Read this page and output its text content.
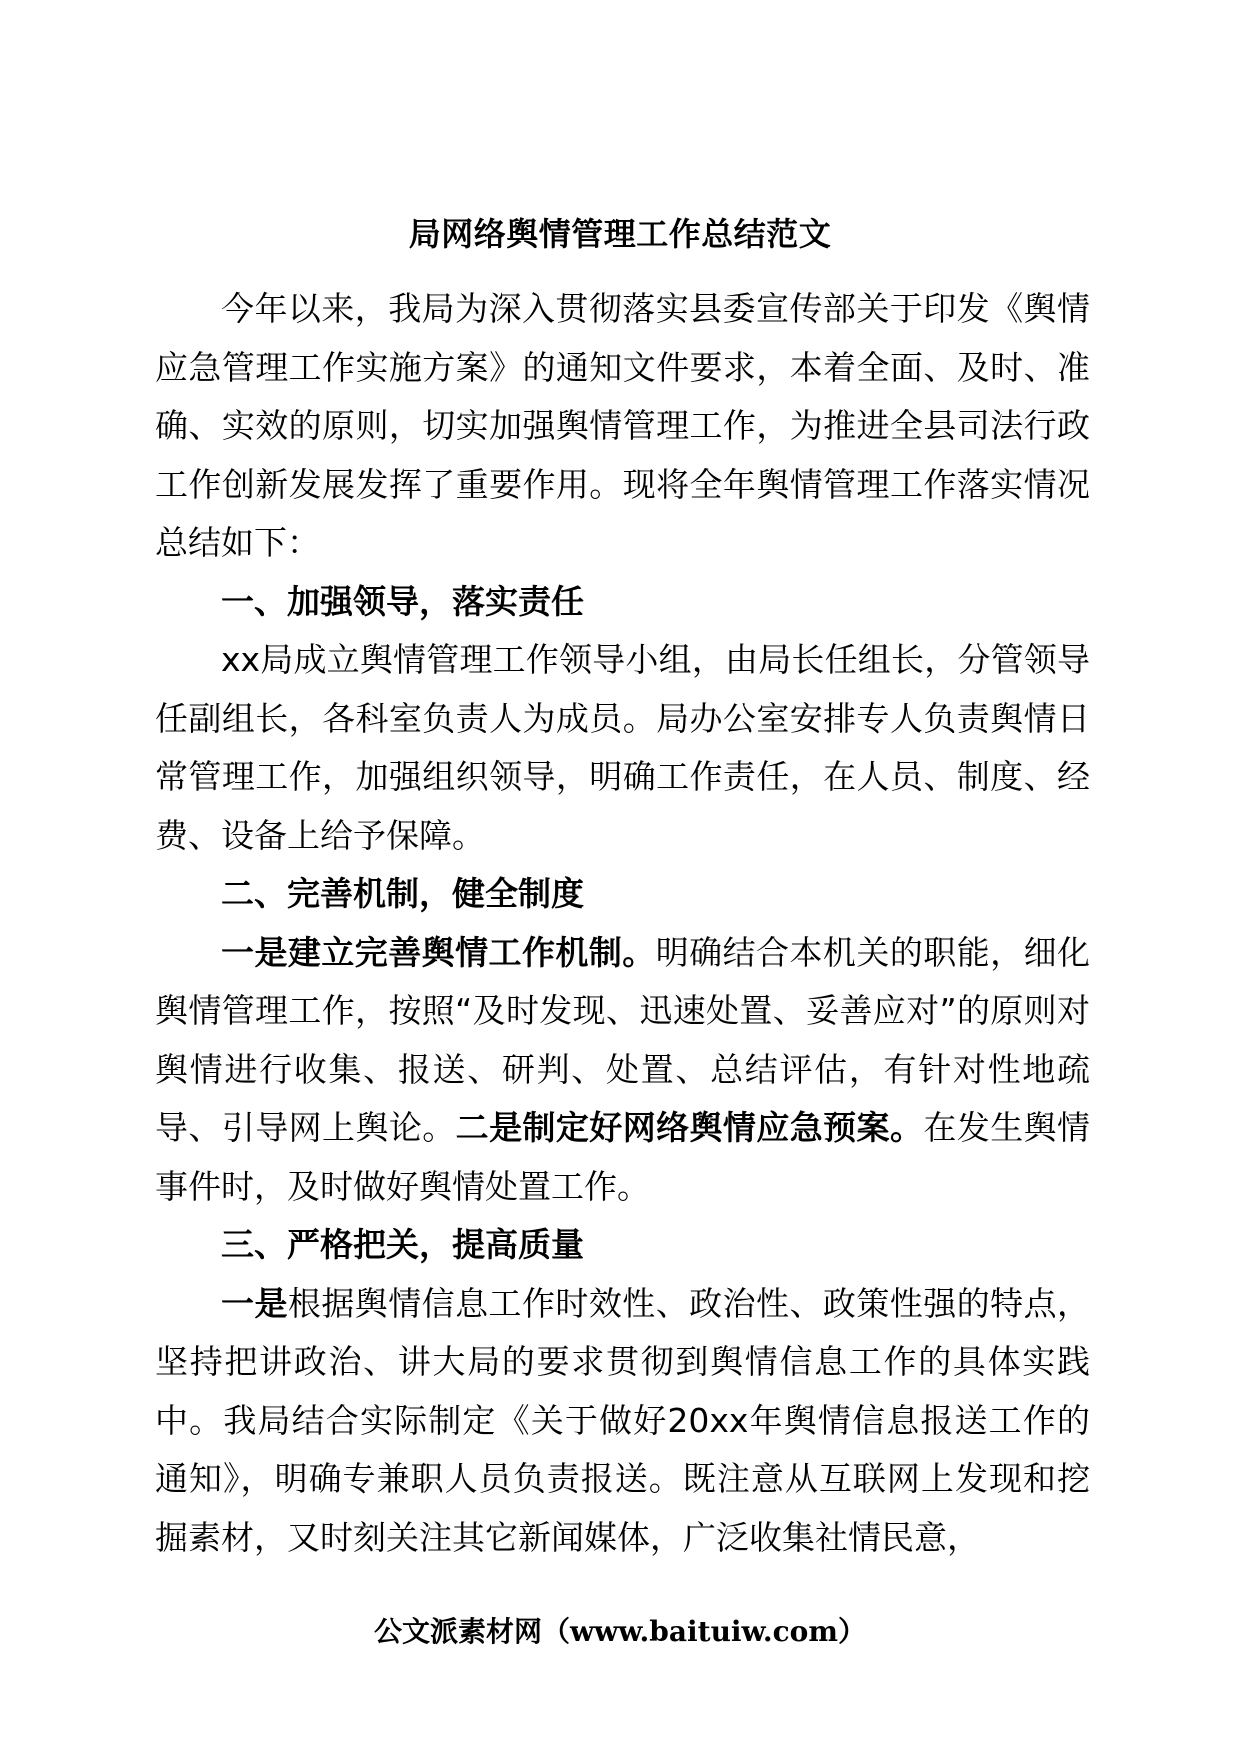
局网络舆情管理工作总结范文

今年以来，我局为深入贯彻落实县委宣传部关于印发《舆情应急管理工作实施方案》的通知文件要求，本着全面、及时、准确、实效的原则，切实加强舆情管理工作，为推进全县司法行政工作创新发展发挥了重要作用。现将全年舆情管理工作落实情况总结如下：

一、加强领导，落实责任

xx局成立舆情管理工作领导小组，由局长任组长，分管领导任副组长，各科室负责人为成员。局办公室安排专人负责舆情日常管理工作，加强组织领导，明确工作责任，在人员、制度、经费、设备上给予保障。

二、完善机制，健全制度

一是建立完善舆情工作机制。明确结合本机关的职能，细化舆情管理工作，按照“及时发现、迅速处置、妥善应对”的原则对舆情进行收集、报送、研判、处置、总结评估，有针对性地疏导、引导网上舆论。二是制定好网络舆情应急预案。在发生舆情事件时，及时做好舆情处置工作。

三、严格把关，提高质量

一是根据舆情信息工作时效性、政治性、政策性强的特点，坚持把讲政治、讲大局的要求贯彻到舆情信息工作的具体实践中。我局结合实际制定《关于做好20xx年舆情信息报送工作的通知》，明确专兼职人员负责报送。既注意从互联网上发现和挖掘素材，又时刻关注其它新闻媒体，广泛收集社情民意，

公文派素材网（www.baituiw.com）
